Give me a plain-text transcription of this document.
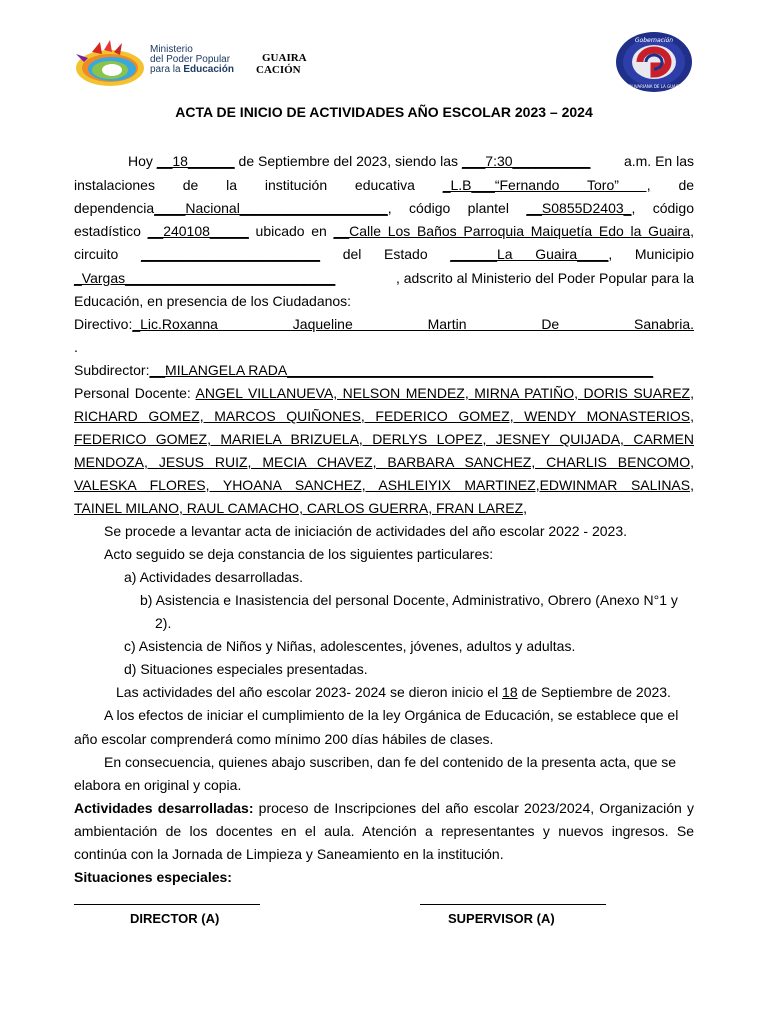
Ministerio
del Poder Popular
para la Educación
GUAIRA
CACIÓN
Gobernación
BOLIVARIANA DE LA GUAIRA
ACTA DE INICIO DE ACTIVIDADES AÑO ESCOLAR 2023 – 2024
Hoy __18______ de Septiembre del 2023, siendo las ___7:30__________ a.m. En las
instalaciones de la institución educativa _L.B___“Fernando Toro” , de
dependencia____Nacional___________________, código plantel __S0855D2403_, código
estadístico __240108_____ ubicado en __Calle Los Baños Parroquia Maiquetía Edo la Guaira,
circuito _______________________ del Estado ______La Guaira____, Municipio
_Vargas___________________________	, adscrito al Ministerio del Poder Popular para la
Educación, en presencia de los Ciudadanos:
Directivo:_Lic.Roxanna Jaqueline Martin De Sanabria.
.
Subdirector:__MILANGELA RADA_______________________________________________
Personal Docente: ANGEL VILLANUEVA, NELSON MENDEZ, MIRNA PATIÑO, DORIS SUAREZ,
RICHARD GOMEZ, MARCOS QUIÑONES, FEDERICO GOMEZ, WENDY MONASTERIOS,
FEDERICO GOMEZ, MARIELA BRIZUELA, DERLYS LOPEZ, JESNEY QUIJADA, CARMEN
MENDOZA, JESUS RUIZ, MECIA CHAVEZ, BARBARA SANCHEZ, CHARLIS BENCOMO,
VALESKA FLORES, YHOANA SANCHEZ, ASHLEIYIX MARTINEZ,EDWINMAR SALINAS,
TAINEL MILANO, RAUL CAMACHO, CARLOS GUERRA, FRAN LAREZ,
Se procede a levantar acta de iniciación de actividades del año escolar 2022 - 2023.
Acto seguido se deja constancia de los siguientes particulares:
a) Actividades desarrolladas.
b) Asistencia e Inasistencia del personal Docente, Administrativo, Obrero (Anexo N°1 y
2).
c) Asistencia de Niños y Niñas, adolescentes, jóvenes, adultos y adultas.
d) Situaciones especiales presentadas.
Las actividades del año escolar 2023- 2024 se dieron inicio el 18 de Septiembre de 2023.
A los efectos de iniciar el cumplimiento de la ley Orgánica de Educación, se establece que el
año escolar comprenderá como mínimo 200 días hábiles de clases.
En consecuencia, quienes abajo suscriben, dan fe del contenido de la presenta acta, que se
elabora en original y copia.
Actividades desarrolladas: proceso de Inscripciones del año escolar 2023/2024, Organización y
ambientación de los docentes en el aula. Atención a representantes y nuevos ingresos. Se
continúa con la Jornada de Limpieza y Saneamiento en la institución.
Situaciones especiales:
DIRECTOR (A)	SUPERVISOR (A)
